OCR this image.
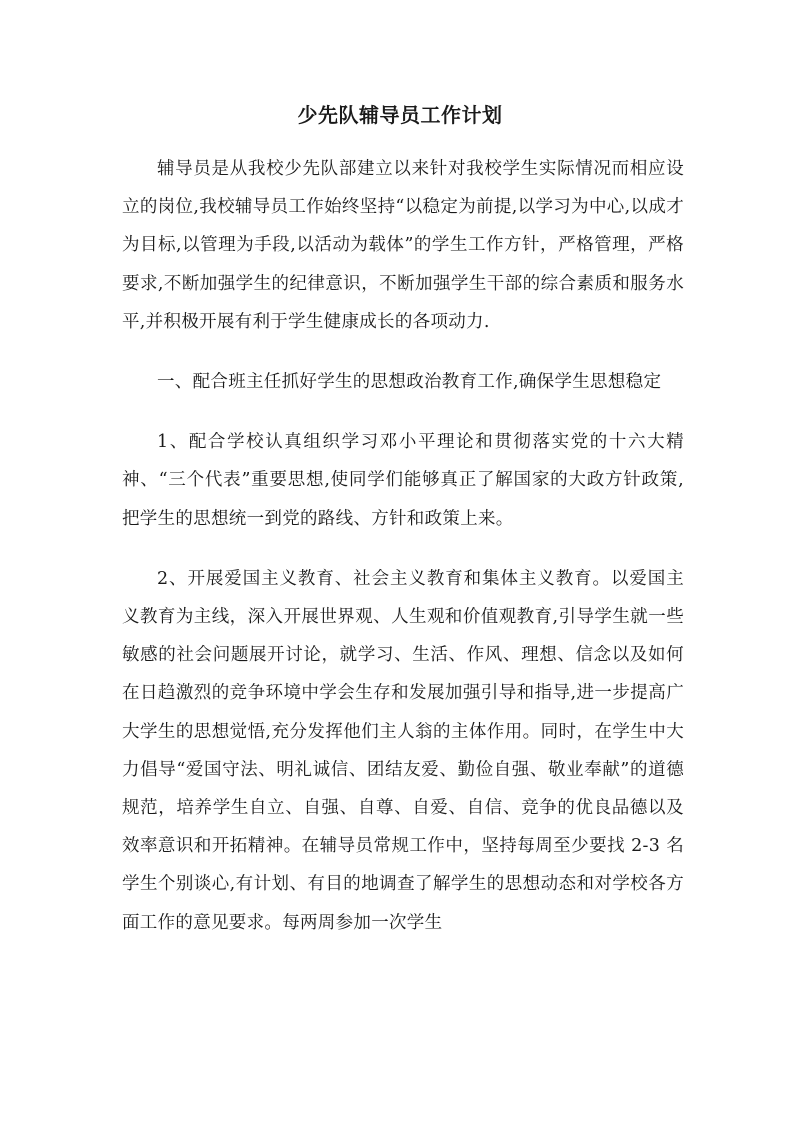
少先队辅导员工作计划

辅导员是从我校少先队部建立以来针对我校学生实际情况而相应设立的岗位,我校辅导员工作始终坚持“以稳定为前提,以学习为中心,以成才为目标,以管理为手段,以活动为载体”的学生工作方针，严格管理，严格要求,不断加强学生的纪律意识，不断加强学生干部的综合素质和服务水平,并积极开展有利于学生健康成长的各项动力.

一、配合班主任抓好学生的思想政治教育工作,确保学生思想稳定

1、配合学校认真组织学习邓小平理论和贯彻落实党的十六大精神、“三个代表”重要思想,使同学们能够真正了解国家的大政方针政策,把学生的思想统一到党的路线、方针和政策上来。

2、开展爱国主义教育、社会主义教育和集体主义教育。以爱国主义教育为主线，深入开展世界观、人生观和价值观教育,引导学生就一些敏感的社会问题展开讨论，就学习、生活、作风、理想、信念以及如何在日趋激烈的竞争环境中学会生存和发展加强引导和指导,进一步提高广大学生的思想觉悟,充分发挥他们主人翁的主体作用。同时，在学生中大力倡导“爱国守法、明礼诚信、团结友爱、勤俭自强、敬业奉献”的道德规范，培养学生自立、自强、自尊、自爱、自信、竞争的优良品德以及效率意识和开拓精神。在辅导员常规工作中，坚持每周至少要找 2-3 名学生个别谈心,有计划、有目的地调查了解学生的思想动态和对学校各方面工作的意见要求。每两周参加一次学生
